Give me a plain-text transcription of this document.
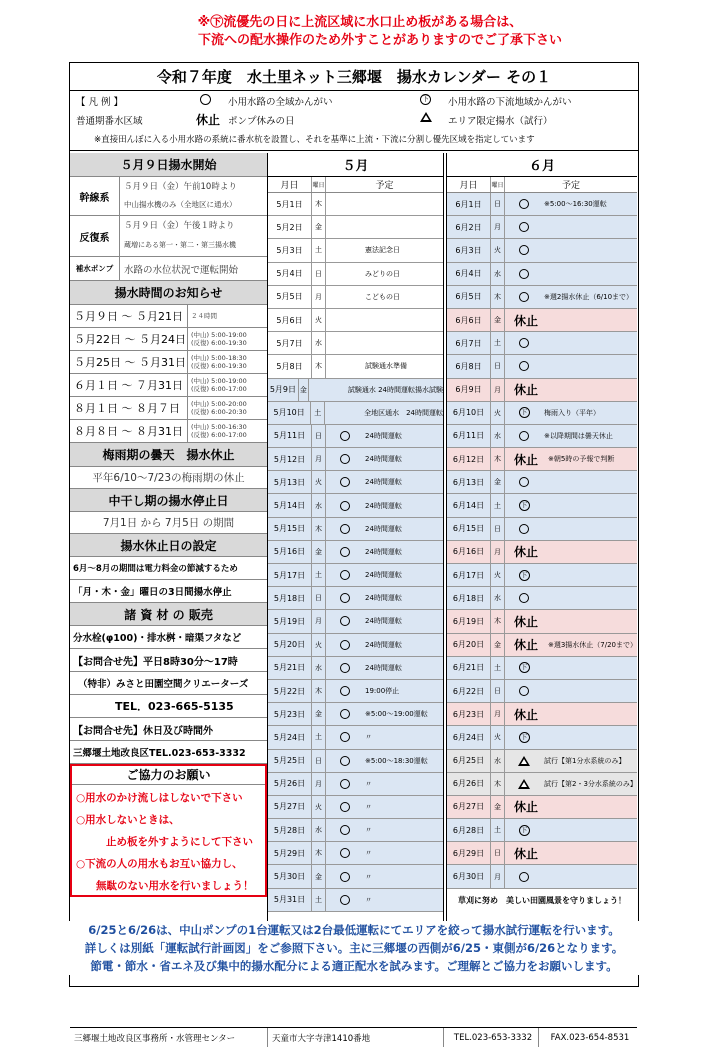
※㊦流優先の日に上流区域に水口止め板がある場合は、
下流への配水操作のため外すことがありますのでご了承下さい
令和７年度　水土里ネット三郷堰　揚水カレンダー その１
【 凡 例 】	小用水路の全域かんがい	下 小用水路の下流地域かんがい
普通期番水区域	休止 ポンプ休みの日	エリア限定揚水（試行）
※直接田んぼに入る小用水路の系統に番水杭を設置し、それを基準に上流・下流に分割し優先区域を指定しています
５月９日揚水開始
幹線系
５月９日（金）午前10時より
中山揚水機のみ（全地区に通水）
反復系
５月９日（金）午後１時より
蔵増にある第一・第二・第三揚水機
補水ポンプ	水路の水位状況で運転開始
揚水時間のお知らせ
５月９日 ～ ５月21日	２４時間
５月22日 ～ ５月24日 (中山) 5:00-19:00
(反復) 6:00-19:30
５月25日 ～ ５月31日 (中山) 5:00-18:30
(反復) 6:00-19:30
６月１日 ～ ７月31日	(中山) 5:00-19:00
(反復) 6:00-17:00
８月１日 ～ ８月７日	(中山) 5:00-20:00
(反復) 6:00-20:30
８月８日 ～ ８月31日	(中山) 5:00-16:30
(反復) 6:00-17:00
梅雨期の曇天　揚水休止
平年6/10～7/23の梅雨期の休止
中干し期の揚水停止日
7月1日 から 7月5日 の期間
揚水休止日の設定
6月～8月の期間は電力料金の節減するため
「月・木・金」曜日の3日間揚水停止
諸 資 材 の 販売
分水栓(φ100)・排水桝・暗渠フタなど
【お問合せ先】平日8時30分～17時
（特非）みさと田園空間クリエーターズ
TEL．023-665-5135
【お問合せ先】休日及び時間外
三郷堰土地改良区TEL.023-653-3332
ご協力のお願い
○用水のかけ流しはしないで下さい
○用水しないときは、
止め板を外すようにして下さい
○下流の人の用水もお互い協力し、
無駄のない用水を行いましょう！
５月
月日	曜日	予定
5月1日	木
5月2日	金
5月3日	土	憲法記念日
5月4日	日	みどりの日
5月5日	月	こどもの日
5月6日	火
5月7日	水
5月8日	木	試験通水準備
5月9日 金	試験通水 24時間運転揚水試験
5月10日	土	全地区通水　24時間運転
5月11日	日	24時間運転
5月12日	月	24時間運転
5月13日	火	24時間運転
5月14日	水	24時間運転
5月15日	木	24時間運転
5月16日	金	24時間運転
5月17日	土	24時間運転
5月18日	日	24時間運転
5月19日	月	24時間運転
5月20日	火	24時間運転
5月21日	水	24時間運転
5月22日	木	19:00停止
5月23日	金	※5:00～19:00運転
5月24日	土	〃
5月25日	日	※5:00～18:30運転
5月26日	月	〃
5月27日	火	〃
5月28日	水	〃
5月29日	木	〃
5月30日	金	〃
5月31日	土	〃
６月
月日	曜日	予定
6月1日	日	※5:00～16:30運転
6月2日	月
6月3日	火
6月4日	水
6月5日	木	※週2揚水休止（6/10まで）
6月6日	金	休止
6月7日	土
6月8日	日
6月9日	月	休止
6月10日	火	下	梅雨入り（平年）
6月11日	水	※以降期間は曇天休止
6月12日	木	休止 ※朝5時の予報で判断
6月13日	金
6月14日	土	下
6月15日	日
6月16日	月	休止
6月17日	火	下
6月18日	水
6月19日	木	休止
6月20日	金	休止 ※週3揚水休止（7/20まで）
6月21日	土	下
6月22日	日
6月23日	月	休止
6月24日	火	下
6月25日	水	試行【第1分水系統のみ】
6月26日	木	試行【第2・3分水系統のみ】
6月27日	金	休止
6月28日	土	下
6月29日	日	休止
6月30日	月
草刈に努め　美しい田園風景を守りましょう！
三郷堰土地改良区事務所・水管理センター	天童市大字寺津1410番地	TEL.023-653-3332	FAX.023-654-8531
6/25と6/26は、中山ポンプの1台運転又は2台最低運転にてエリアを絞って揚水試行運転を行います。
詳しくは別紙「運転試行計画図」をご参照下さい。主に三郷堰の西側が6/25・東側が6/26となります。
節電・節水・省エネ及び集中的揚水配分による適正配水を試みます。ご理解とご協力をお願いします。
